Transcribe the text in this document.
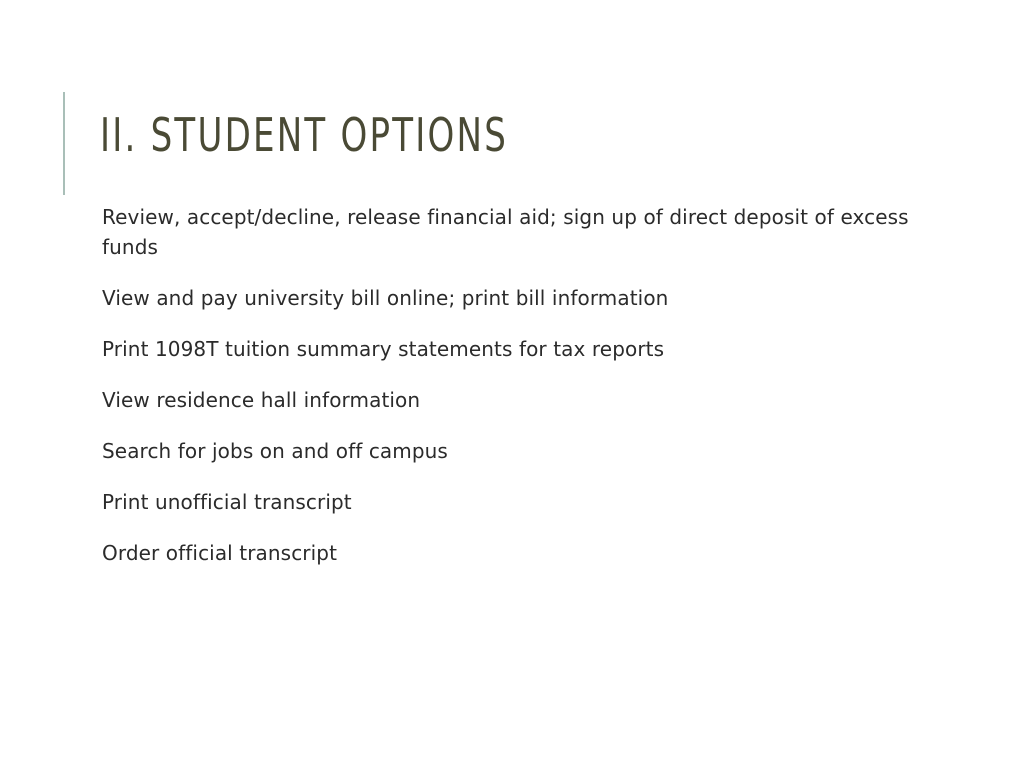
II. STUDENT OPTIONS
Review, accept/decline, release financial aid; sign up of direct deposit of excess funds
View and pay university bill online; print bill information
Print 1098T tuition summary statements for tax reports
View residence hall information
Search for jobs on and off campus
Print unofficial transcript
Order official transcript
